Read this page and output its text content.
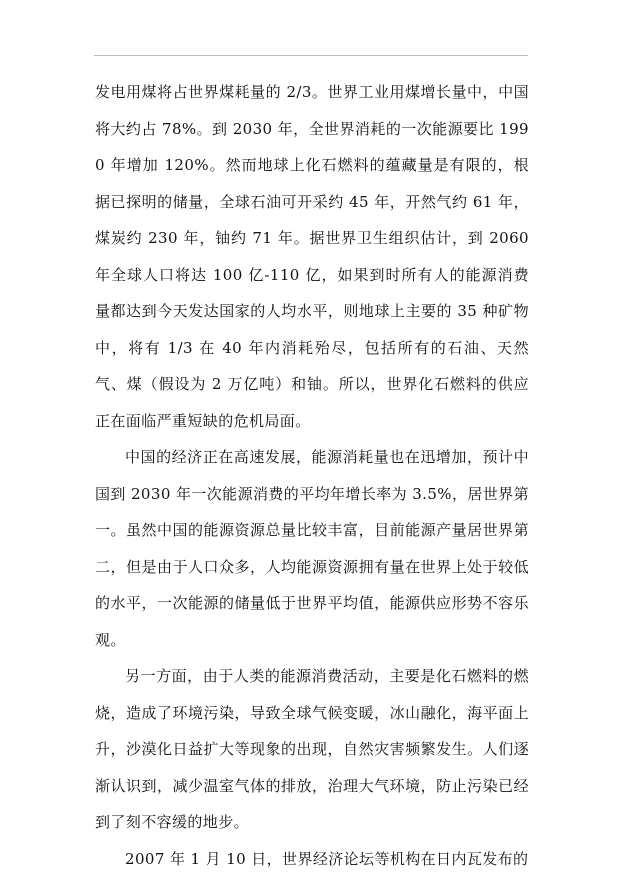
发电用煤将占世界煤耗量的 2/3。世界工业用煤增长量中，中国将大约占 78%。到 2030 年，全世界消耗的一次能源要比 1990 年增加 120%。然而地球上化石燃料的蕴藏量是有限的，根据已探明的储量，全球石油可开采约 45 年，开然气约 61 年，煤炭约 230 年，铀约 71 年。据世界卫生组织估计，到 2060 年全球人口将达 100 亿-110 亿，如果到时所有人的能源消费量都达到今天发达国家的人均水平，则地球上主要的 35 种矿物中，将有 1/3 在 40 年内消耗殆尽，包括所有的石油、天然气、煤（假设为 2 万亿吨）和铀。所以，世界化石燃料的供应正在面临严重短缺的危机局面。

中国的经济正在高速发展，能源消耗量也在迅增加，预计中国到 2030 年一次能源消费的平均年增长率为 3.5%，居世界第一。虽然中国的能源资源总量比较丰富，目前能源产量居世界第二，但是由于人口众多，人均能源资源拥有量在世界上处于较低的水平，一次能源的储量低于世界平均值，能源供应形势不容乐观。

另一方面，由于人类的能源消费活动，主要是化石燃料的燃烧，造成了环境污染，导致全球气候变暖，冰山融化，海平面上升，沙漠化日益扩大等现象的出现，自然灾害频繁发生。人们逐渐认识到，减少温室气体的排放，治理大气环境，防止污染已经到了刻不容缓的地步。

2007 年 1 月 10 日，世界经济论坛等机构在日内瓦发布的
